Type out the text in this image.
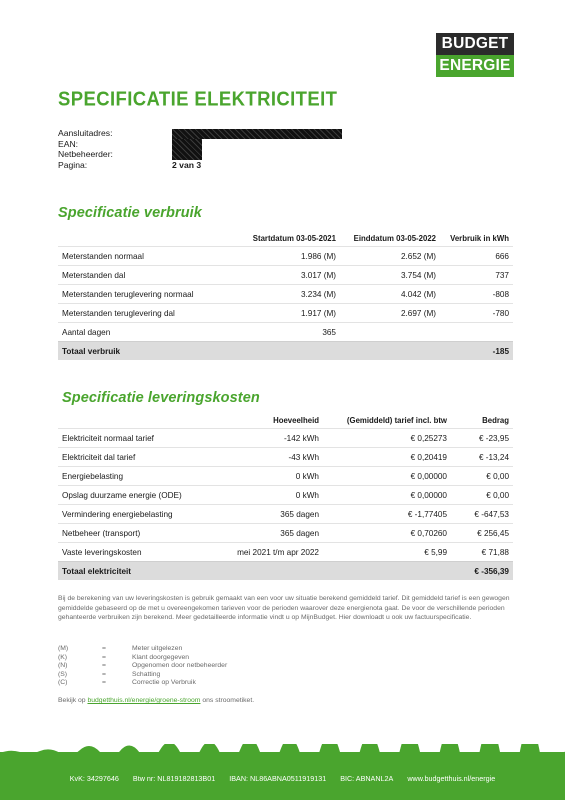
BUDGET
ENERGIE
SPECIFICATIE ELEKTRICITEIT
Aansluitadres:
EAN:
Netbeheerder:
Pagina:	2 van 3
Specificatie verbruik
	Startdatum 03-05-2021	Einddatum 03-05-2022	Verbruik in kWh
Meterstanden normaal	1.986 (M)	2.652 (M)	666
Meterstanden dal	3.017 (M)	3.754 (M)	737
Meterstanden teruglevering normaal	3.234 (M)	4.042 (M)	-808
Meterstanden teruglevering dal	1.917 (M)	2.697 (M)	-780
Aantal dagen	365		
Totaal verbruik			-185
Specificatie leveringskosten
	Hoeveelheid	(Gemiddeld) tarief incl. btw	Bedrag
Elektriciteit normaal tarief	-142 kWh	€ 0,25273	€ -23,95
Elektriciteit dal tarief	-43 kWh	€ 0,20419	€ -13,24
Energiebelasting	0 kWh	€ 0,00000	€ 0,00
Opslag duurzame energie (ODE)	0 kWh	€ 0,00000	€ 0,00
Vermindering energiebelasting	365 dagen	€ -1,77405	€ -647,53
Netbeheer (transport)	365 dagen	€ 0,70260	€ 256,45
Vaste leveringskosten	mei 2021 t/m apr 2022	€ 5,99	€ 71,88
Totaal elektriciteit			€ -356,39
Bij de berekening van uw leveringskosten is gebruik gemaakt van een voor uw situatie berekend gemiddeld tarief. Dit gemiddeld tarief is een gewogen gemiddelde gebaseerd op de met u overeengekomen tarieven voor de perioden waarover deze energienota gaat. De voor de verschillende perioden gehanteerde verbruiken zijn berekend. Meer gedetailleerde informatie vindt u op MijnBudget. Hier downloadt u ook uw factuurspecificatie.
(M)	=	Meter uitgelezen
(K)	=	Klant doorgegeven
(N)	=	Opgenomen door netbeheerder
(S)	=	Schatting
(C)	=	Correctie op Verbruik
Bekijk op budgetthuis.nl/energie/groene-stroom ons stroometiket.
KvK: 34297646 Btw nr: NL819182813B01 IBAN: NL86ABNA0511919131 BIC: ABNANL2A www.budgetthuis.nl/energie
